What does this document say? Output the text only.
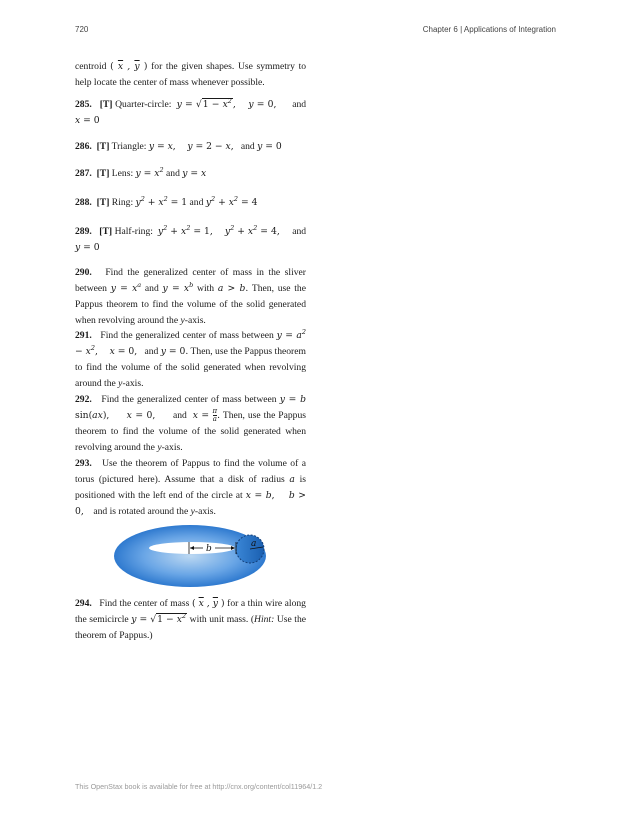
720	Chapter 6 | Applications of Integration

centroid ( $\overline{x}$ , $\overline{y}$ ) for the given shapes. Use symmetry to help locate the center of mass whenever possible.

285. [T] Quarter-circle: $y = √1 - x^2$,    y = 0, and x = 0

286. [T] Triangle: y = x,    y = 2 − x, and y = 0

287. [T] Lens: $y = x^2$ and y = x

288. [T] Ring: $y^2 + x^2 = 1$ and $y^2 + x^2 = 4$

289. [T] Half-ring: $y^2 + x^2 = 1$,    $y^2 + x^2 = 4$, and y = 0

290. Find the generalized center of mass in the sliver between $y = x^a$ and $y = x^b$ with a > b. Then, use the Pappus theorem to find the volume of the solid generated when revolving around the y-axis.

291. Find the generalized center of mass between $y = a^2 - x^2$,    x = 0, and y = 0. Then, use the Pappus theorem to find the volume of the solid generated when revolving around the y-axis.

292. Find the generalized center of mass between y = b sin(ax),     x = 0, and $x = \frac{\pi}{a}$ . Then, use the Pappus theorem to find the volume of the solid generated when revolving around the y-axis.

293. Use the theorem of Pappus to find the volume of a torus (pictured here). Assume that a disk of radius a is positioned with the left end of the circle at x = b,    b > 0, and is rotated around the y-axis.

b	a

294. Find the center of mass ( $\overline{x}$ , $\overline{y}$ ) for a thin wire along the semicircle $y = √1 - x^2$ with unit mass. (Hint: Use the theorem of Pappus.)

This OpenStax book is available for free at http://cnx.org/content/col11964/1.2
